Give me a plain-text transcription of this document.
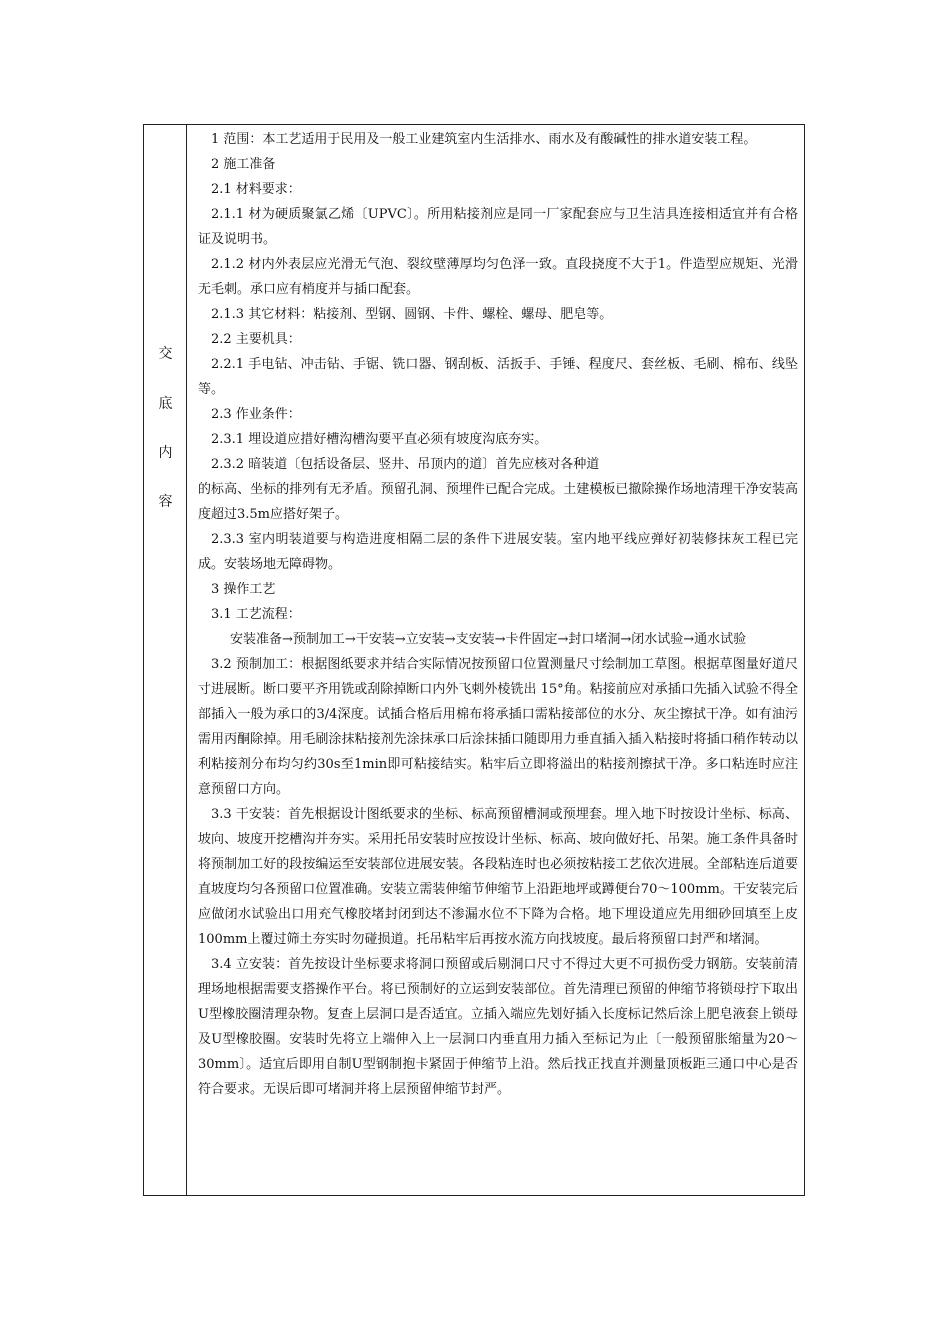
交
底
内
容

1 范围：本工艺适用于民用及一般工业建筑室内生活排水、雨水及有酸碱性的排水道安装工程。

2 施工准备

2.1 材料要求：

2.1.1 材为硬质聚氯乙烯〔UPVC〕。所用粘接剂应是同一厂家配套应与卫生洁具连接相适宜并有合格证及说明书。

2.1.2 材内外表层应光滑无气泡、裂纹壁薄厚均匀色泽一致。直段挠度不大于1。件造型应规矩、光滑无毛刺。承口应有梢度并与插口配套。

2.1.3 其它材料：粘接剂、型钢、圆钢、卡件、螺栓、螺母、肥皂等。

2.2 主要机具：

2.2.1 手电钻、冲击钻、手锯、铣口器、钢刮板、活扳手、手锤、程度尺、套丝板、毛刷、棉布、线坠等。

2.3 作业条件：

2.3.1 埋设道应措好槽沟槽沟要平直必须有坡度沟底夯实。

2.3.2 暗装道〔包括设备层、竖井、吊顶内的道〕首先应核对各种道

的标高、坐标的排列有无矛盾。预留孔洞、预埋件已配合完成。土建模板已撤除操作场地清理干净安装高度超过3.5m应搭好架子。

2.3.3 室内明装道要与构造进度相隔二层的条件下进展安装。室内地平线应弹好初装修抹灰工程已完成。安装场地无障碍物。

3 操作工艺

3.1 工艺流程：

安装准备→预制加工→干安装→立安装→支安装→卡件固定→封口堵洞→闭水试验→通水试验

3.2 预制加工：根据图纸要求并结合实际情况按预留口位置测量尺寸绘制加工草图。根据草图量好道尺寸进展断。断口要平齐用铣或刮除掉断口内外飞刺外棱铣出 15°角。粘接前应对承插口先插入试验不得全部插入一般为承口的3/4深度。试插合格后用棉布将承插口需粘接部位的水分、灰尘擦拭干净。如有油污需用丙酮除掉。用毛刷涂抹粘接剂先涂抹承口后涂抹插口随即用力垂直插入插入粘接时将插口稍作转动以利粘接剂分布均匀约30s至1min即可粘接结实。粘牢后立即将溢出的粘接剂擦拭干净。多口粘连时应注意预留口方向。

3.3 干安装：首先根据设计图纸要求的坐标、标高预留槽洞或预埋套。埋入地下时按设计坐标、标高、坡向、坡度开挖槽沟并夯实。采用托吊安装时应按设计坐标、标高、坡向做好托、吊架。施工条件具备时将预制加工好的段按编运至安装部位进展安装。各段粘连时也必须按粘接工艺依次进展。全部粘连后道要直坡度均匀各预留口位置准确。安装立需装伸缩节伸缩节上沿距地坪或蹲便台70～100mm。干安装完后应做闭水试验出口用充气橡胶堵封闭到达不渗漏水位不下降为合格。地下埋设道应先用细砂回填至上皮100mm上覆过筛土夯实时勿碰损道。托吊粘牢后再按水流方向找坡度。最后将预留口封严和堵洞。

3.4 立安装：首先按设计坐标要求将洞口预留或后剔洞口尺寸不得过大更不可损伤受力钢筋。安装前清理场地根据需要支搭操作平台。将已预制好的立运到安装部位。首先清理已预留的伸缩节将锁母拧下取出U型橡胶圈清理杂物。复查上层洞口是否适宜。立插入端应先划好插入长度标记然后涂上肥皂液套上锁母及U型橡胶圈。安装时先将立上端伸入上一层洞口内垂直用力插入至标记为止〔一般预留胀缩量为20～30mm〕。适宜后即用自制U型钢制抱卡紧固于伸缩节上沿。然后找正找直并测量顶板距三通口中心是否符合要求。无误后即可堵洞并将上层预留伸缩节封严。
